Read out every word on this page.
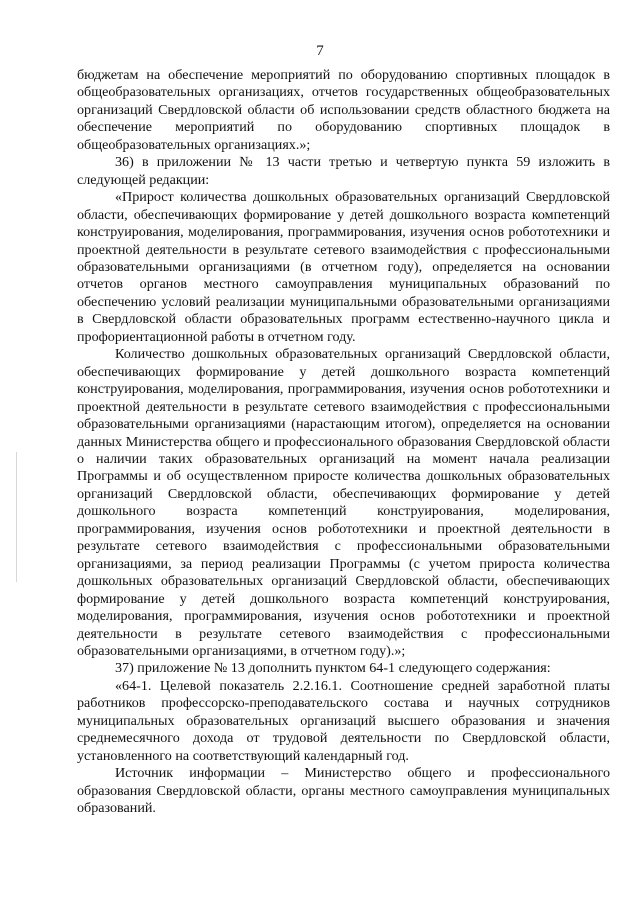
7

бюджетам на обеспечение мероприятий по оборудованию спортивных площадок в общеобразовательных организациях, отчетов государственных общеобразовательных организаций Свердловской области об использовании средств областного бюджета на обеспечение мероприятий по оборудованию спортивных площадок в общеобразовательных организациях.»;

36) в приложении № 13 части третью и четвертую пункта 59 изложить в следующей редакции:

«Прирост количества дошкольных образовательных организаций Свердловской области, обеспечивающих формирование у детей дошкольного возраста компетенций конструирования, моделирования, программирования, изучения основ робототехники и проектной деятельности в результате сетевого взаимодействия с профессиональными образовательными организациями (в отчетном году), определяется на основании отчетов органов местного самоуправления муниципальных образований по обеспечению условий реализации муниципальными образовательными организациями в Свердловской области образовательных программ естественно-научного цикла и профориентационной работы в отчетном году.

Количество дошкольных образовательных организаций Свердловской области, обеспечивающих формирование у детей дошкольного возраста компетенций конструирования, моделирования, программирования, изучения основ робототехники и проектной деятельности в результате сетевого взаимодействия с профессиональными образовательными организациями (нарастающим итогом), определяется на основании данных Министерства общего и профессионального образования Свердловской области о наличии таких образовательных организаций на момент начала реализации Программы и об осуществленном приросте количества дошкольных образовательных организаций Свердловской области, обеспечивающих формирование у детей дошкольного возраста компетенций конструирования, моделирования, программирования, изучения основ робототехники и проектной деятельности в результате сетевого взаимодействия с профессиональными образовательными организациями, за период реализации Программы (с учетом прироста количества дошкольных образовательных организаций Свердловской области, обеспечивающих формирование у детей дошкольного возраста компетенций конструирования, моделирования, программирования, изучения основ робототехники и проектной деятельности в результате сетевого взаимодействия с профессиональными образовательными организациями, в отчетном году).»;

37) приложение № 13 дополнить пунктом 64-1 следующего содержания:

«64-1. Целевой показатель 2.2.16.1. Соотношение средней заработной платы работников профессорско-преподавательского состава и научных сотрудников муниципальных образовательных организаций высшего образования и значения среднемесячного дохода от трудовой деятельности по Свердловской области, установленного на соответствующий календарный год.

Источник информации – Министерство общего и профессионального образования Свердловской области, органы местного самоуправления муниципальных образований.
